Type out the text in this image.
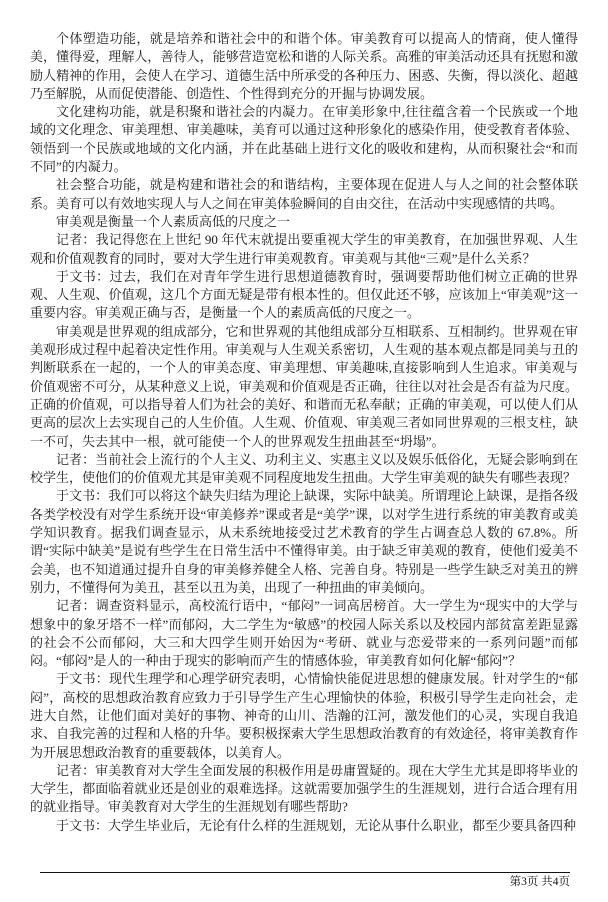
个体塑造功能，就是培养和谐社会中的和谐个体。审美教育可以提高人的情商，使人懂得美，懂得爱，理解人，善待人，能够营造宽松和谐的人际关系。高雅的审美活动还具有抚慰和激励人精神的作用，会使人在学习、道德生活中所承受的各种压力、困惑、失衡，得以淡化、超越乃至解脱，从而促使潜能、创造性、个性得到充分的开掘与协调发展。

文化建构功能，就是积聚和谐社会的内凝力。在审美形象中,往往蕴含着一个民族或一个地域的文化理念、审美理想、审美趣味，美育可以通过这种形象化的感染作用，使受教育者体验、领悟到一个民族或地域的文化内涵，并在此基础上进行文化的吸收和建构，从而积聚社会“和而不同”的内凝力。

社会整合功能，就是构建和谐社会的和谐结构，主要体现在促进人与人之间的社会整体联系。美育可以有效地实现人与人之间在审美体验瞬间的自由交往，在活动中实现感情的共鸣。

审美观是衡量一个人素质高低的尺度之一

记者：我记得您在上世纪 90 年代末就提出要重视大学生的审美教育，在加强世界观、人生观和价值观教育的同时，要对大学生进行审美观教育。审美观与其他“三观”是什么关系？

于文书：过去，我们在对青年学生进行思想道德教育时，强调要帮助他们树立正确的世界观、人生观、价值观，这几个方面无疑是带有根本性的。但仅此还不够，应该加上“审美观”这一重要内容。审美观正确与否，是衡量一个人的素质高低的尺度之一。

审美观是世界观的组成部分，它和世界观的其他组成部分互相联系、互相制约。世界观在审美观形成过程中起着决定性作用。审美观与人生观关系密切，人生观的基本观点都是同美与丑的判断联系在一起的，一个人的审美态度、审美理想、审美趣味,直接影响到人生追求。审美观与价值观密不可分，从某种意义上说，审美观和价值观是否正确，往往以对社会是否有益为尺度。正确的价值观，可以指导着人们为社会的美好、和谐而无私奉献；正确的审美观，可以使人们从更高的层次上去实现自己的人生价值。人生观、价值观、审美观三者如同世界观的三根支柱，缺一不可，失去其中一根，就可能使一个人的世界观发生扭曲甚至“坍塌”。

记者：当前社会上流行的个人主义、功利主义、实惠主义以及娱乐低俗化，无疑会影响到在校学生，使他们的价值观尤其是审美观不同程度地发生扭曲。大学生审美观的缺失有哪些表现？

于文书：我们可以将这个缺失归结为理论上缺课，实际中缺美。所谓理论上缺课，是指各级各类学校没有对学生系统开设“审美修养”课或者是“美学”课，以对学生进行系统的审美教育或美学知识教育。据我们调查显示，从未系统地接受过艺术教育的学生占调查总人数的 67.8%。所谓“实际中缺美”是说有些学生在日常生活中不懂得审美。由于缺乏审美观的教育，使他们爱美不会美，也不知道通过提升自身的审美修养健全人格、完善自身。特别是一些学生缺乏对美丑的辨别力，不懂得何为美丑，甚至以丑为美，出现了一种扭曲的审美倾向。

记者：调查资料显示，高校流行语中，“郁闷”一词高居榜首。大一学生为“现实中的大学与想象中的象牙塔不一样”而郁闷，大二学生为“敏感”的校园人际关系以及校园内部贫富差距显露的社会不公而郁闷，大三和大四学生则开始因为“考研、就业与恋爱带来的一系列问题”而郁闷。“郁闷”是人的一种由于现实的影响而产生的情感体验，审美教育如何化解“郁闷”？

于文书：现代生理学和心理学研究表明，心情愉快能促进思想的健康发展。针对学生的“郁闷”，高校的思想政治教育应致力于引导学生产生心理愉快的体验，积极引导学生走向社会，走进大自然，让他们面对美好的事物、神奇的山川、浩瀚的江河，激发他们的心灵，实现自我追求、自我完善的过程和人格的升华。要积极探索大学生思想政治教育的有效途径，将审美教育作为开展思想政治教育的重要载体，以美育人。

记者：审美教育对大学生全面发展的积极作用是毋庸置疑的。现在大学生尤其是即将毕业的大学生，都面临着就业还是创业的艰难选择。这就需要加强学生的生涯规划，进行合适合理有用的就业指导。审美教育对大学生的生涯规划有哪些帮助?

于文书：大学生毕业后，无论有什么样的生涯规划，无论从事什么职业，都至少要具备四种

第3页 共4页
